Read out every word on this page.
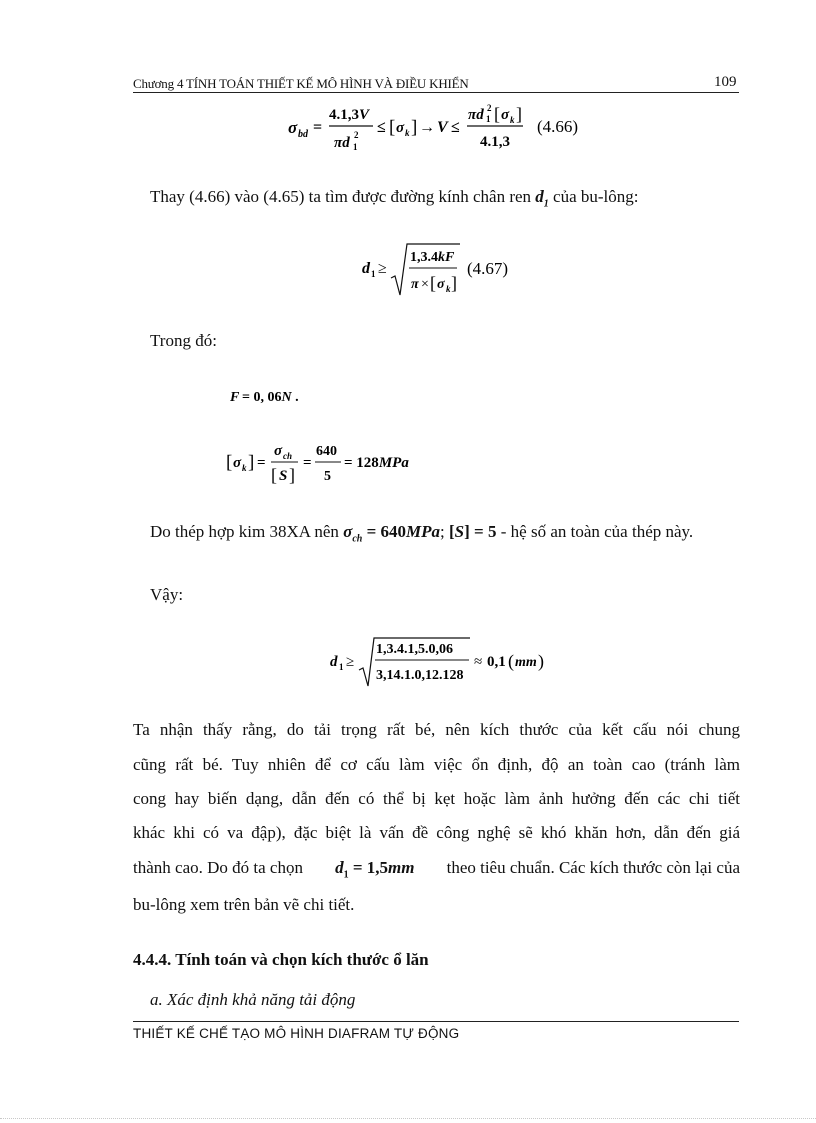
Chương 4 TÍNH TOÁN THIẾT KẾ MÔ HÌNH VÀ ĐIỀU KHIỂN	109
σ bd =
4.1,3V
πd 1
2 ≤ [ σ k ] → V ≤
πd 1
2 [ σ k ]
4.1,3
(4.66)
Thay (4.66) vào (4.65) ta tìm được đường kính chân ren $d_1$ của bu-lông:
d 1 ≥
1,3.4kF
π × [ σ k ]
(4.67)
Trong đó:
F = 0, 06N .
[ σ k ] =
σ ch
[ S ]
=
640
5
= 128MPa
Do thép hợp kim 38XA nên $\sigma_{ch} = 640MPa$; [S] = 5 - hệ số an toàn của thép này.
Vậy:
d 1 ≥
1,3.4.1,5.0,06
3,14.1.0,12.128
≈ 0,1 ( mm )
Ta nhận thấy rằng, do tải trọng rất bé, nên kích thước của kết cấu nói chung
cũng rất bé. Tuy nhiên để cơ cấu làm việc ổn định, độ an toàn cao (tránh làm
cong hay biến dạng, dẫn đến có thể bị kẹt hoặc làm ảnh hưởng đến các chi tiết
khác khi có va đập), đặc biệt là vấn đề công nghệ sẽ khó khăn hơn, dẫn đến giá
thành cao. Do đó ta chọn $d_1 = 1,5mm$ theo tiêu chuẩn. Các kích thước còn lại của
bu-lông xem trên bản vẽ chi tiết.
4.4.4. Tính toán và chọn kích thước ổ lăn
a. Xác định khả năng tải động
THIẾT KẾ CHẾ TẠO MÔ HÌNH DIAFRAM TỰ ĐỘNG
